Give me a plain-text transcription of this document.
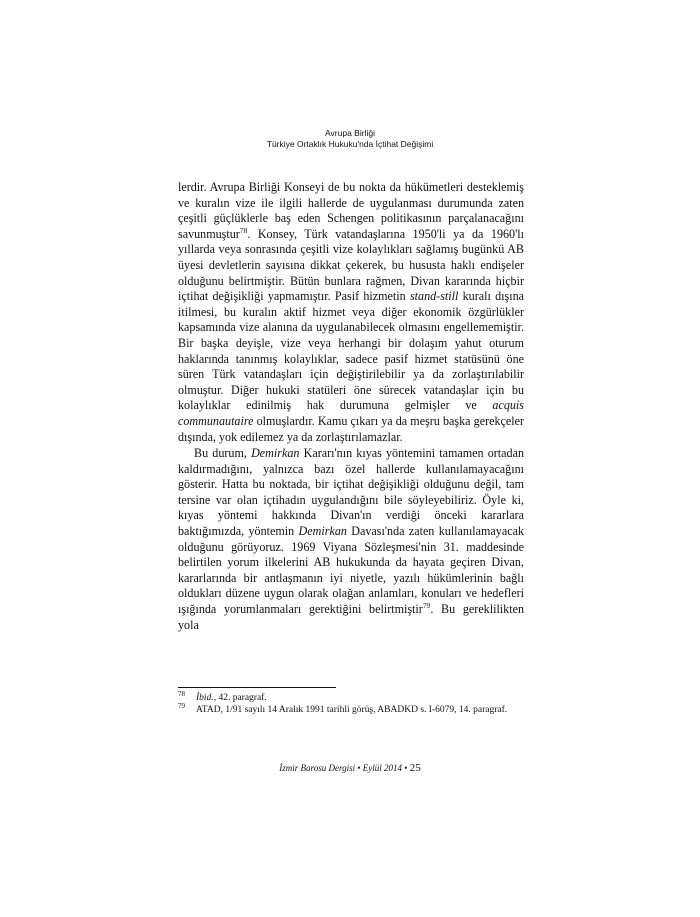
Avrupa Birliği
Türkiye Ortaklık Hukuku'nda İçtihat Değişimi

lerdir. Avrupa Birliği Konseyi de bu nokta da hükümetleri desteklemiş ve kuralın vize ile ilgili hallerde de uygulanması durumunda zaten çeşitli güçlüklerle baş eden Schengen politikasının parçalanacağını savunmuştur$^{78}$. Konsey, Türk vatandaşlarına 1950'li ya da 1960'lı yıllarda veya sonrasında çeşitli vize kolaylıkları sağlamış bugünkü AB üyesi devletlerin sayısına dikkat çekerek, bu hususta haklı endişeler olduğunu belirtmiştir. Bütün bunlara rağmen, Divan kararında hiçbir içtihat değişikliği yapmamıştır. Pasif hizmetin stand-still kuralı dışına itilmesi, bu kuralın aktif hizmet veya diğer ekonomik özgürlükler kapsamında vize alanına da uygulanabilecek olmasını engellememiştir. Bir başka deyişle, vize veya herhangi bir dolaşım yahut oturum haklarında tanınmış kolaylıklar, sadece pasif hizmet statüsünü öne süren Türk vatandaşları için değiştirilebilir ya da zorlaştırılabilir olmuştur. Diğer hukuki statüleri öne sürecek vatandaşlar için bu kolaylıklar edinilmiş hak durumuna gelmişler ve acquis communautaire olmuşlardır. Kamu çıkarı ya da meşru başka gerekçeler dışında, yok edilemez ya da zorlaştırılamazlar.

Bu durum, Demirkan Kararı'nın kıyas yöntemini tamamen ortadan kaldırmadığını, yalnızca bazı özel hallerde kullanılamayacağını gösterir. Hatta bu noktada, bir içtihat değişikliği olduğunu değil, tam tersine var olan içtihadın uygulandığını bile söyleyebiliriz. Öyle ki, kıyas yöntemi hakkında Divan'ın verdiği önceki kararlara baktığımızda, yöntemin Demirkan Davası'nda zaten kullanılamayacak olduğunu görüyoruz. 1969 Viyana Sözleşmesi'nin 31. maddesinde belirtilen yorum ilkelerini AB hukukunda da hayata geçiren Divan, kararlarında bir antlaşmanın iyi niyetle, yazılı hükümlerinin bağlı oldukları düzene uygun olarak olağan anlamları, konuları ve hedefleri ışığında yorumlanmaları gerektiğini belirtmiştir$^{79}$. Bu gereklilikten yola

$^{78}$	İbid., 42. paragraf.
$^{79}$	ATAD, 1/91 sayılı 14 Aralık 1991 tarihli görüş, ABADKD s. I-6079, 14. paragraf.
İzmir Barosu Dergisi • Eylül 2014 • 25
